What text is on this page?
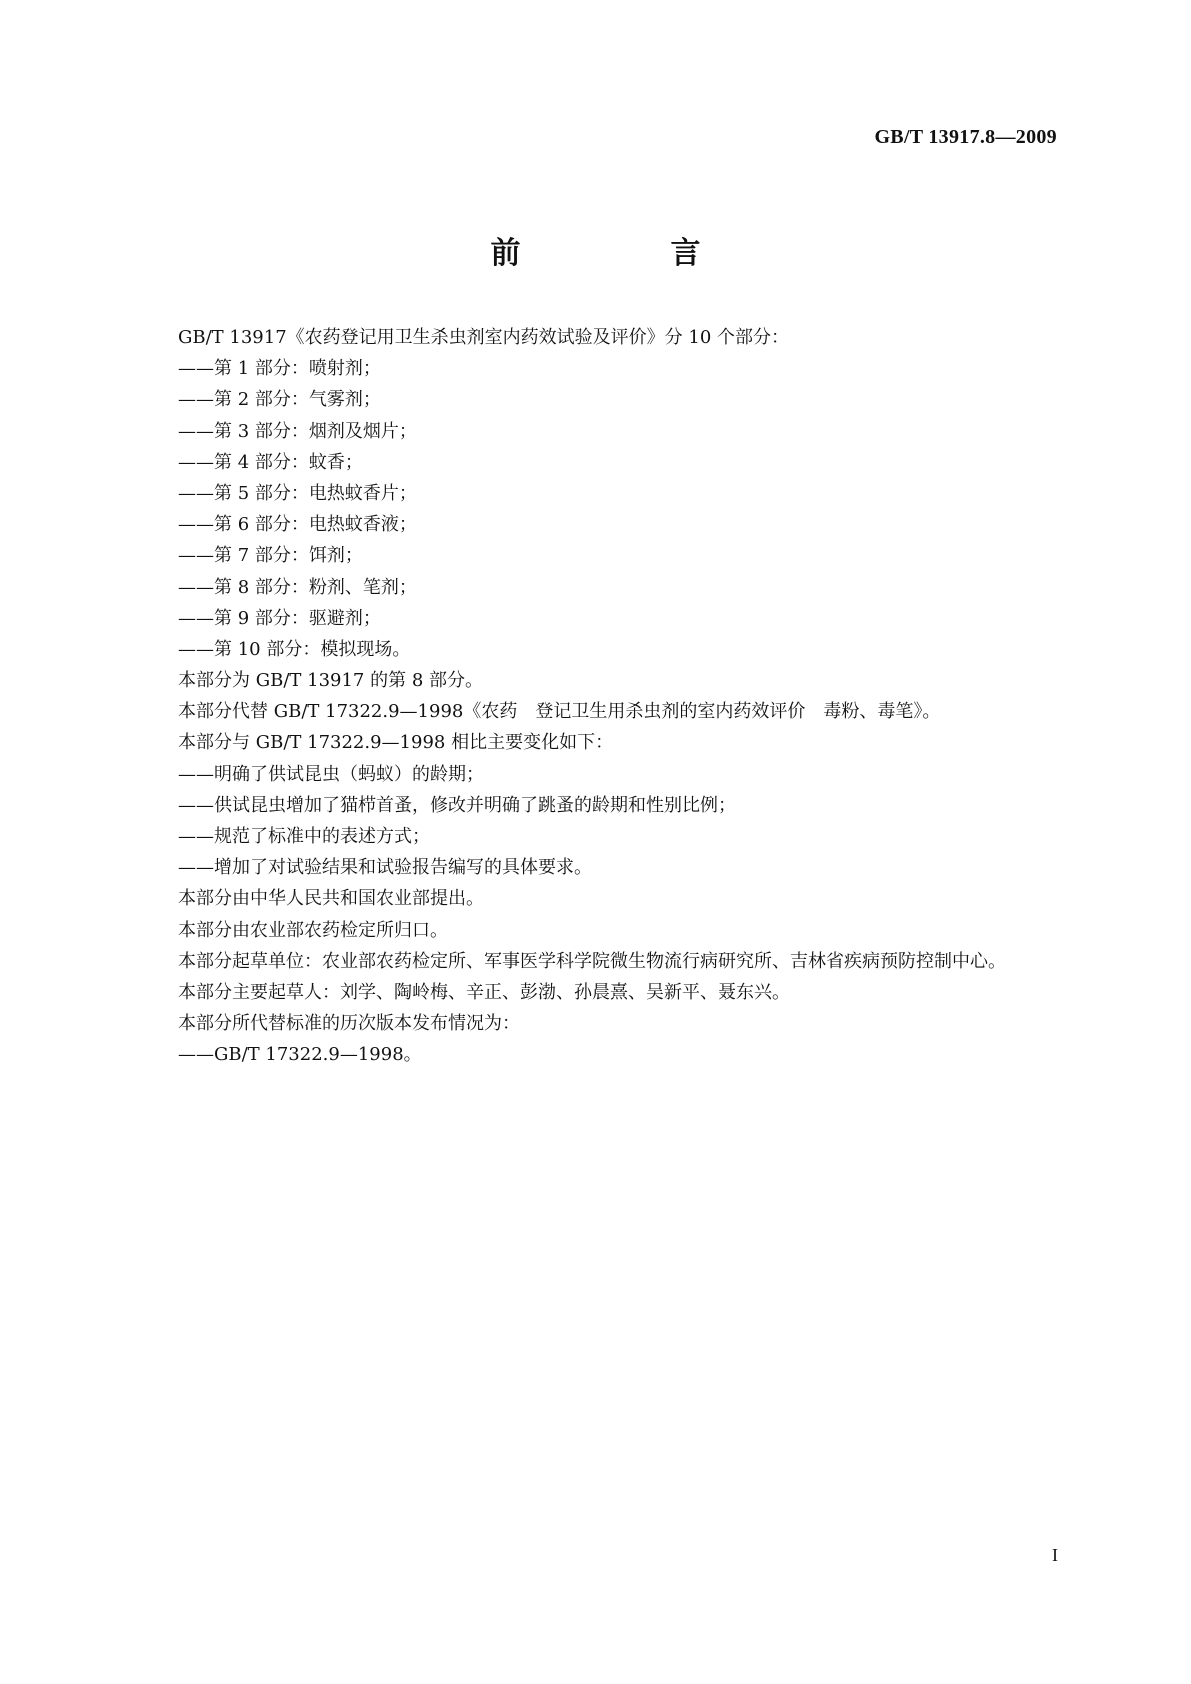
GB/T 13917.8—2009
前　言
GB/T 13917《农药登记用卫生杀虫剂室内药效试验及评价》分 10 个部分：
——第 1 部分：喷射剂；
——第 2 部分：气雾剂；
——第 3 部分：烟剂及烟片；
——第 4 部分：蚊香；
——第 5 部分：电热蚊香片；
——第 6 部分：电热蚊香液；
——第 7 部分：饵剂；
——第 8 部分：粉剂、笔剂；
——第 9 部分：驱避剂；
——第 10 部分：模拟现场。
本部分为 GB/T 13917 的第 8 部分。
本部分代替 GB/T 17322.9—1998《农药　登记卫生用杀虫剂的室内药效评价　毒粉、毒笔》。
本部分与 GB/T 17322.9—1998 相比主要变化如下：
——明确了供试昆虫（蚂蚁）的龄期；
——供试昆虫增加了猫栉首蚤，修改并明确了跳蚤的龄期和性别比例；
——规范了标准中的表述方式；
——增加了对试验结果和试验报告编写的具体要求。
本部分由中华人民共和国农业部提出。
本部分由农业部农药检定所归口。
本部分起草单位：农业部农药检定所、军事医学科学院微生物流行病研究所、吉林省疾病预防控制中心。
本部分主要起草人：刘学、陶岭梅、辛正、彭渤、孙晨熹、吴新平、聂东兴。
本部分所代替标准的历次版本发布情况为：
——GB/T 17322.9—1998。
I
